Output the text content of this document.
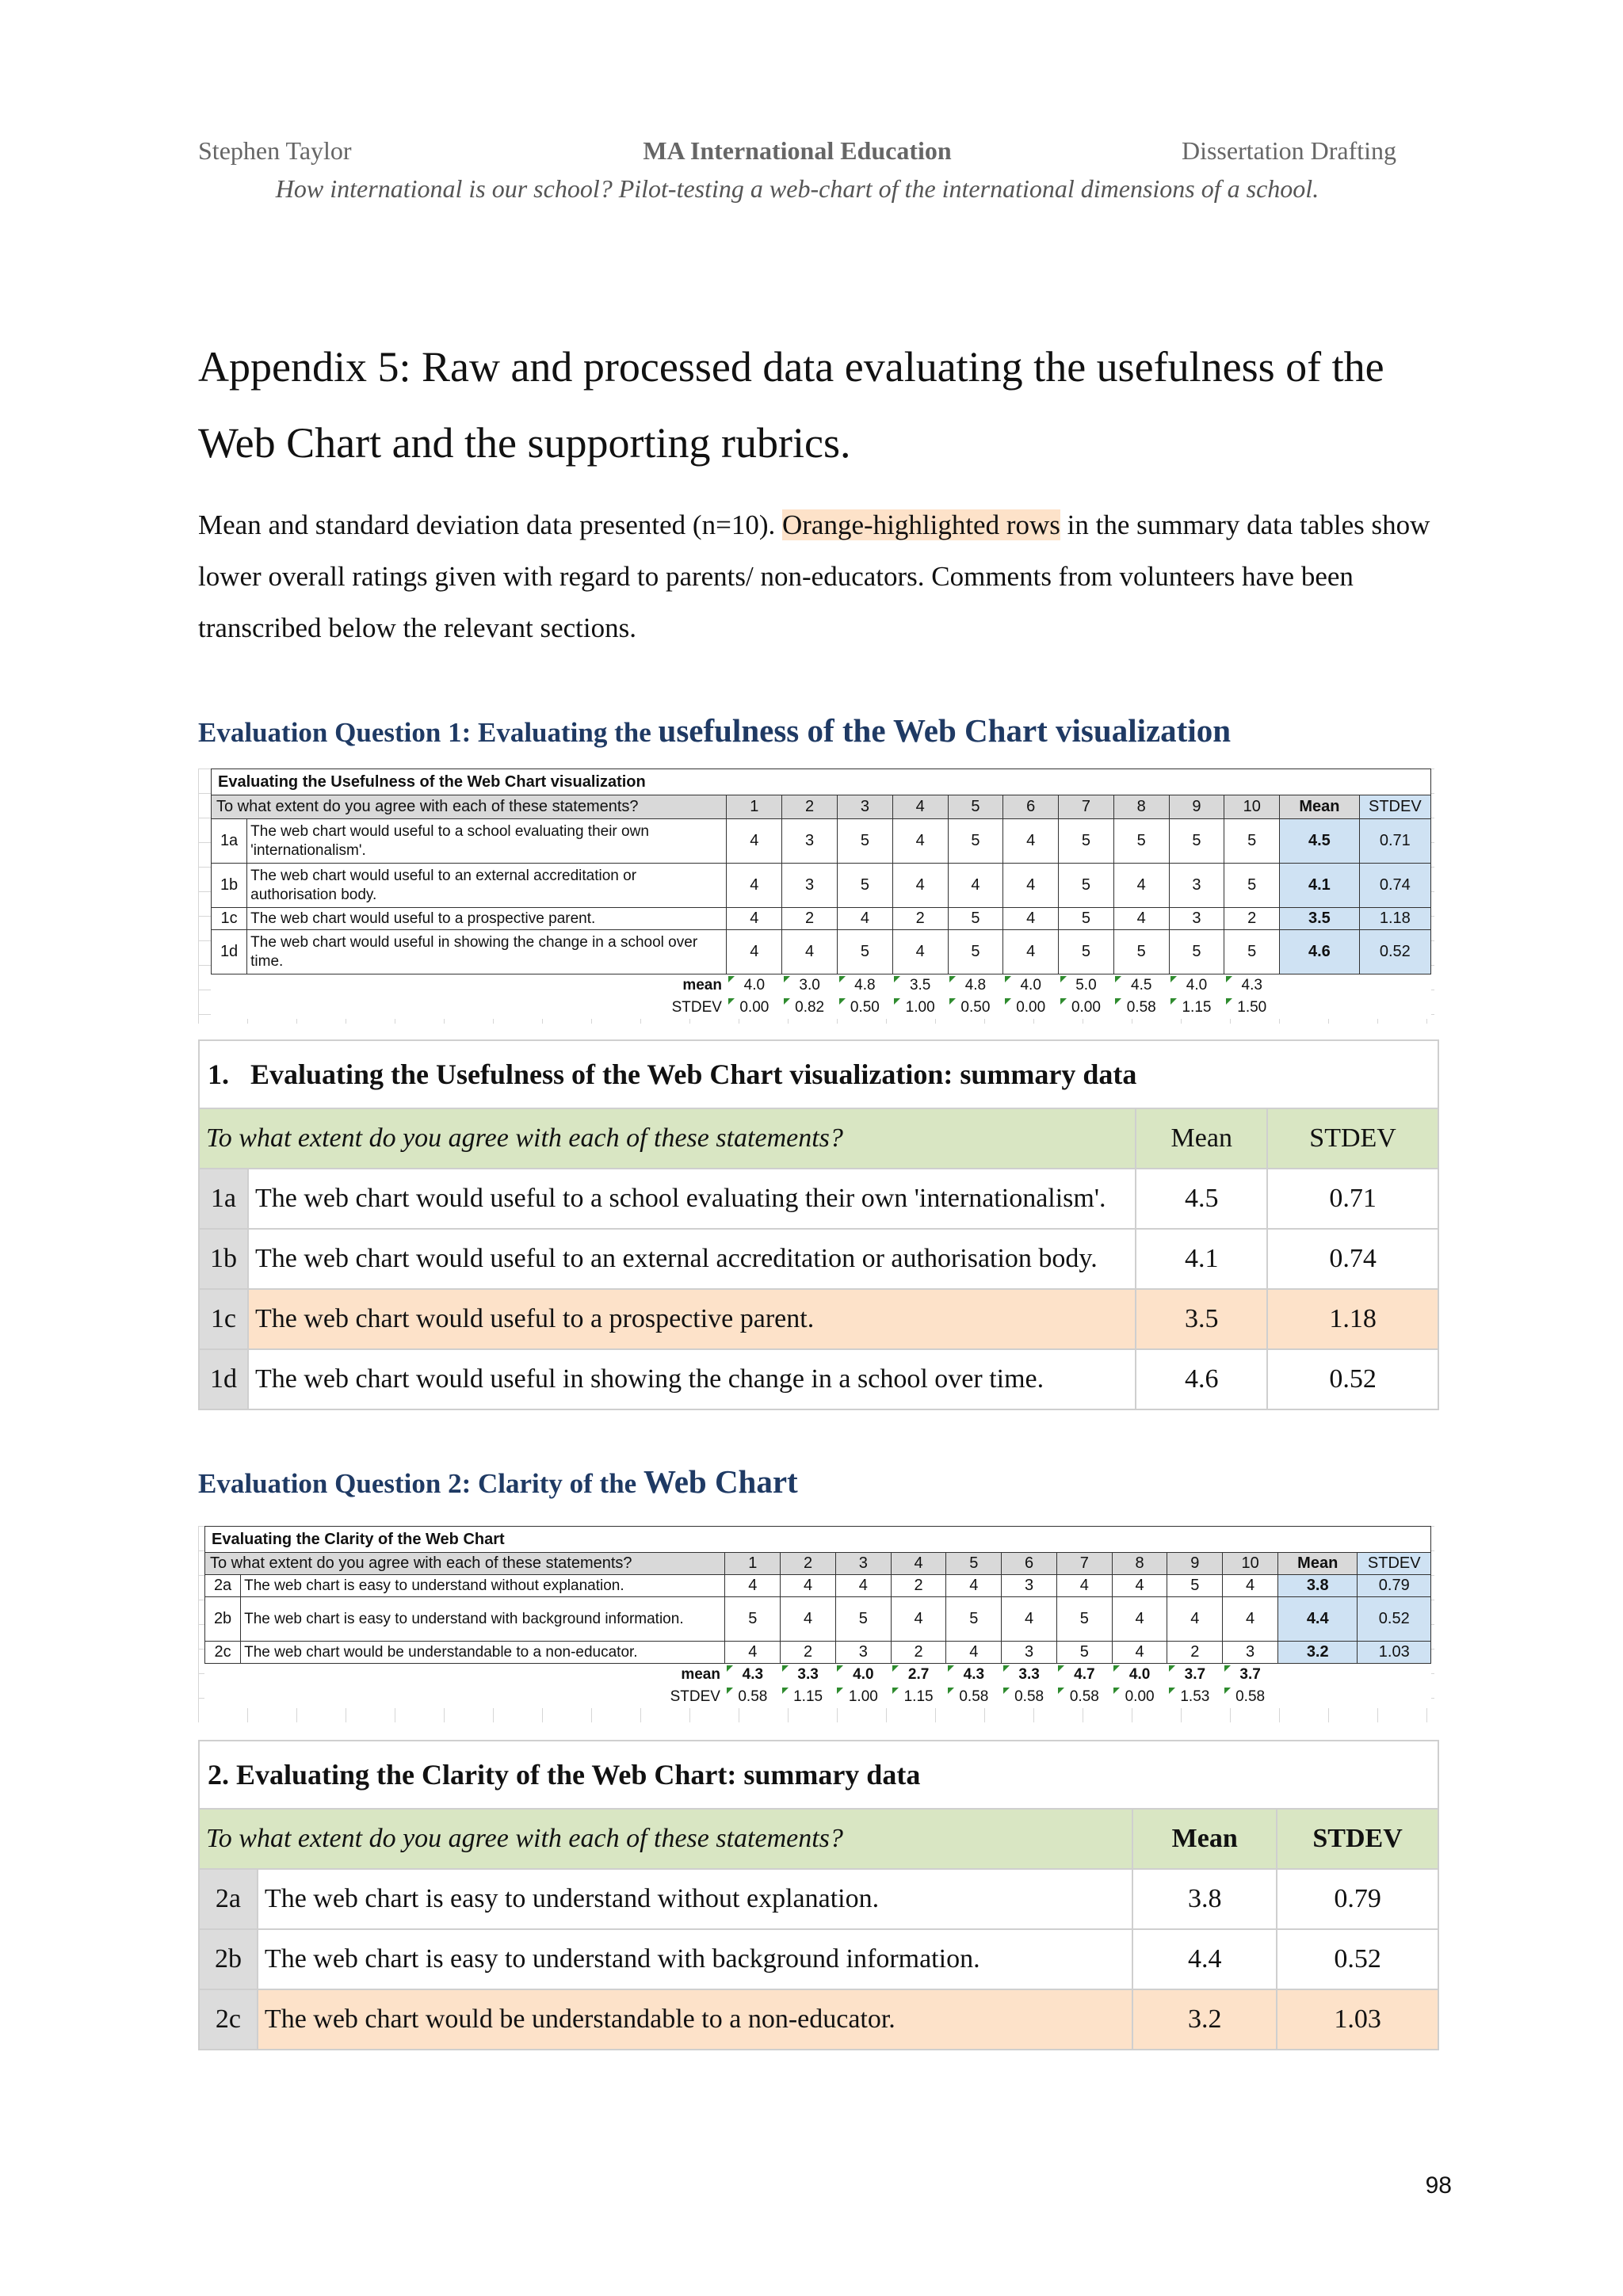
Stephen Taylor	MA International Education	Dissertation Drafting
How international is our school? Pilot-testing a web-chart of the international dimensions of a school.
Appendix 5: Raw and processed data evaluating the usefulness of the Web Chart and the supporting rubrics.
Mean and standard deviation data presented (n=10). Orange-highlighted rows in the summary data tables show lower overall ratings given with regard to parents/ non-educators. Comments from volunteers have been transcribed below the relevant sections.
Evaluation Question 1: Evaluating the usefulness of the Web Chart visualization
Evaluating the Usefulness of the Web Chart visualization													
To what extent do you agree with each of these statements?		1	2	3	4	5	6	7	8	9	10	Mean	STDEV
1a	The web chart would useful to a school evaluating their own 'internationalism'.	4	3	5	4	5	4	5	5	5	5	4.5	0.71
1b	The web chart would useful to an external accreditation or authorisation body.	4	3	5	4	4	4	5	4	3	5	4.1	0.74
1c	The web chart would useful to a prospective parent.	4	2	4	2	5	4	5	4	3	2	3.5	1.18
1d	The web chart would useful in showing the change in a school over time.	4	4	5	4	5	4	5	5	5	5	4.6	0.52
mean		4.0	3.0	4.8	3.5	4.8	4.0	5.0	4.5	4.0	4.3		
STDEV		0.00	0.82	0.50	1.00	0.50	0.00	0.00	0.58	1.15	1.50		
1. Evaluating the Usefulness of the Web Chart visualization: summary data			
To what extent do you agree with each of these statements?		Mean	STDEV
1a	The web chart would useful to a school evaluating their own 'internationalism'.	4.5	0.71
1b	The web chart would useful to an external accreditation or authorisation body.	4.1	0.74
1c	The web chart would useful to a prospective parent.	3.5	1.18
1d	The web chart would useful in showing the change in a school over time.	4.6	0.52
Evaluation Question 2: Clarity of the Web Chart
Evaluating the Clarity of the Web Chart													
To what extent do you agree with each of these statements?		1	2	3	4	5	6	7	8	9	10	Mean	STDEV
2a	The web chart is easy to understand without explanation.	4	4	4	2	4	3	4	4	5	4	3.8	0.79
2b	The web chart is easy to understand with background information.	5	4	5	4	5	4	5	4	4	4	4.4	0.52
2c	The web chart would be understandable to a non-educator.	4	2	3	2	4	3	5	4	2	3	3.2	1.03
mean		4.3	3.3	4.0	2.7	4.3	3.3	4.7	4.0	3.7	3.7		
STDEV		0.58	1.15	1.00	1.15	0.58	0.58	0.58	0.00	1.53	0.58		
2. Evaluating the Clarity of the Web Chart: summary data			
To what extent do you agree with each of these statements?		Mean	STDEV
2a	The web chart is easy to understand without explanation.	3.8	0.79
2b	The web chart is easy to understand with background information.	4.4	0.52
2c	The web chart would be understandable to a non-educator.	3.2	1.03
98
